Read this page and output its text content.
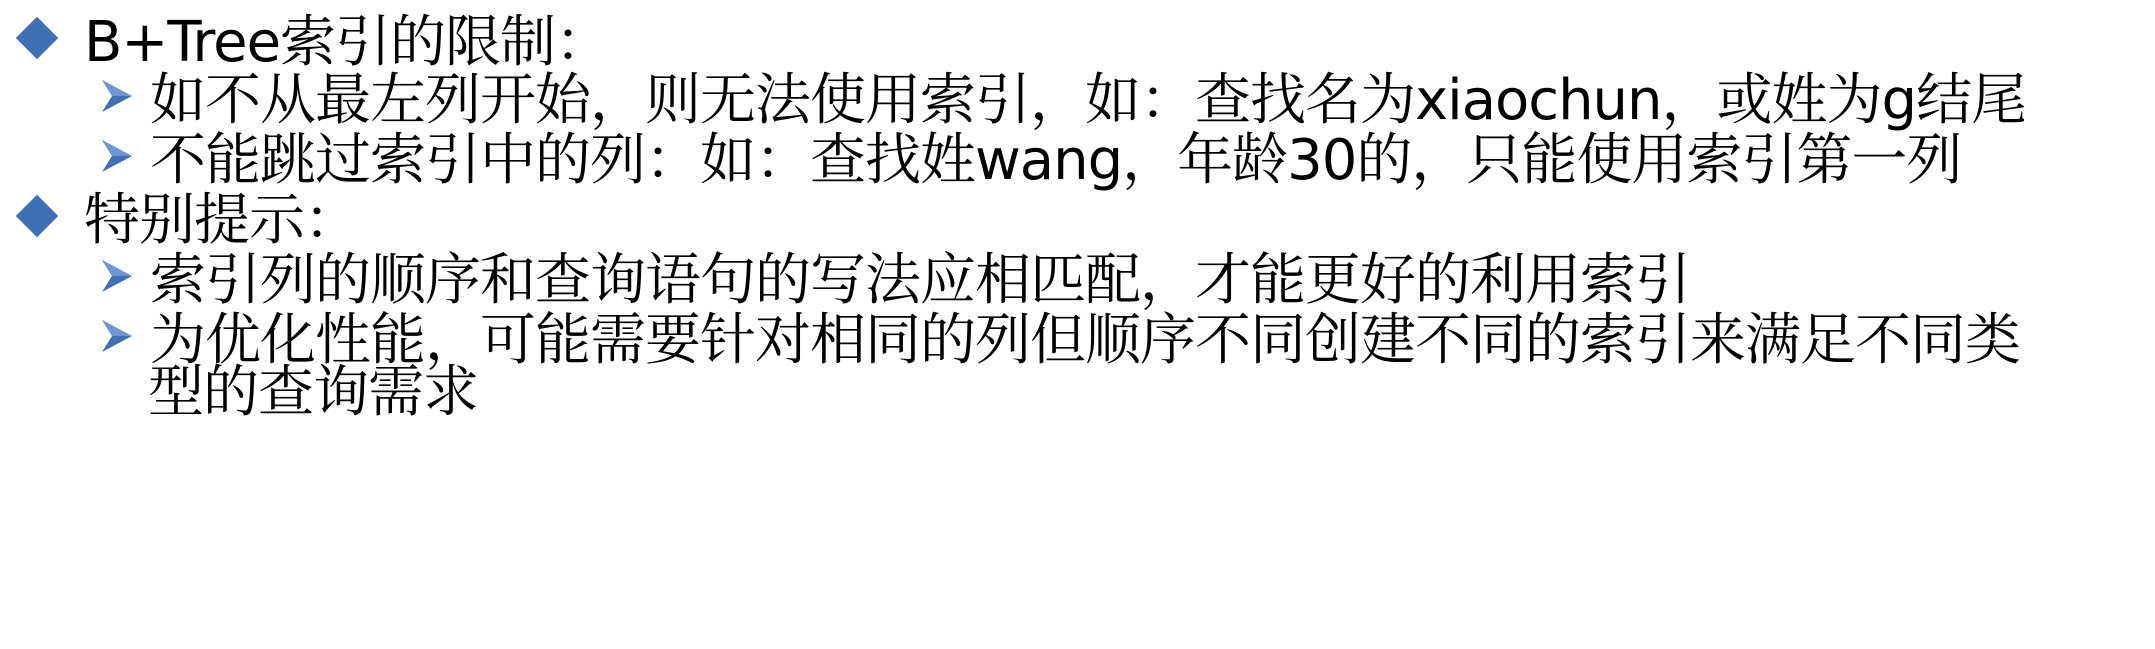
B+Tree索引的限制：
如不从最左列开始，则无法使用索引，如：查找名为xiaochun，或姓为g结尾
不能跳过索引中的列：如：查找姓wang，年龄30的，只能使用索引第一列
特别提示：
索引列的顺序和查询语句的写法应相匹配，才能更好的利用索引
为优化性能，可能需要针对相同的列但顺序不同创建不同的索引来满足不同类
型的查询需求
